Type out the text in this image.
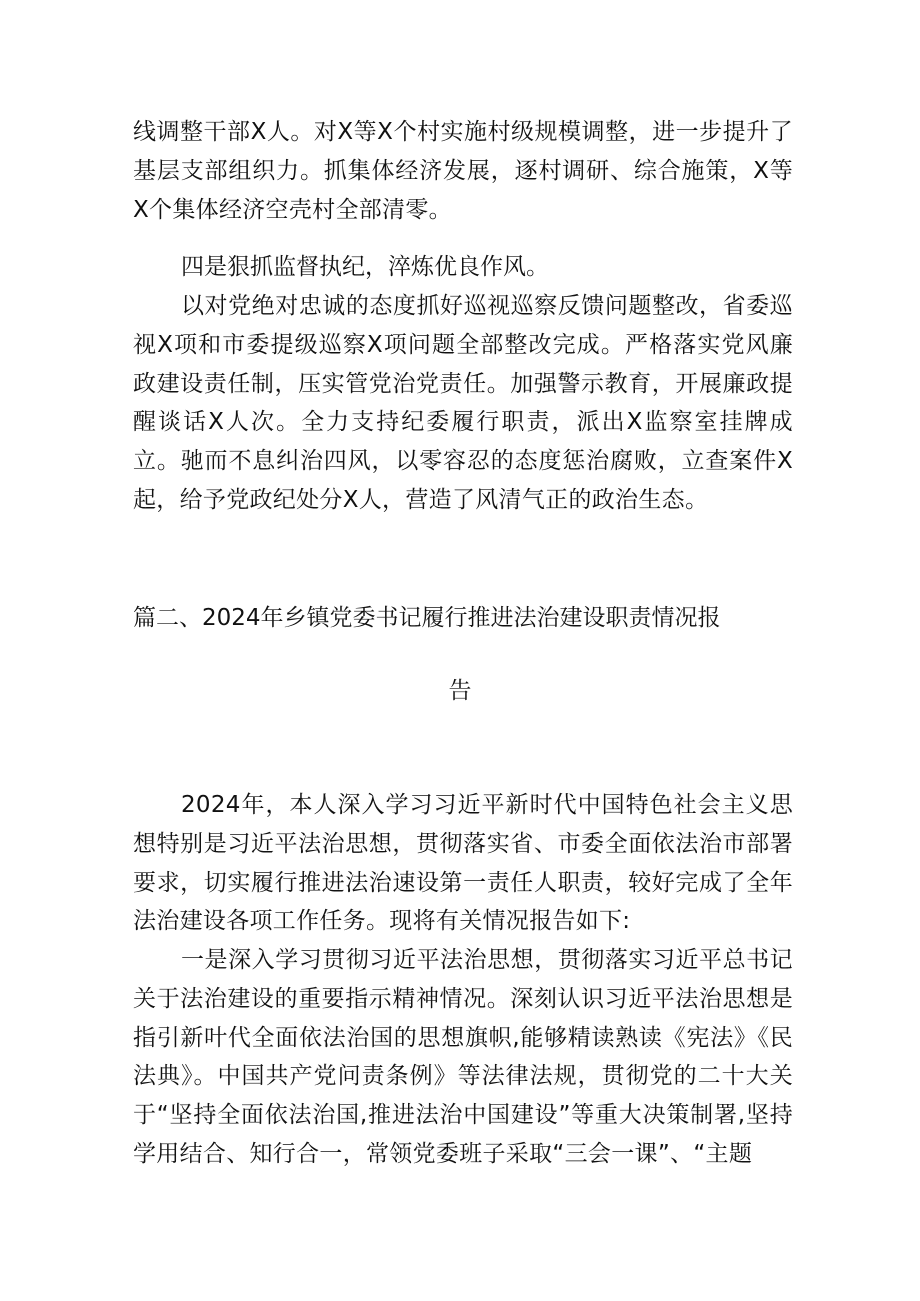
线调整干部X人。对X等X个村实施村级规模调整，进一步提升了基层支部组织力。抓集体经济发展，逐村调研、综合施策，X等X个集体经济空壳村全部清零。

四是狠抓监督执纪，淬炼优良作风。

以对党绝对忠诚的态度抓好巡视巡察反馈问题整改，省委巡视X项和市委提级巡察X项问题全部整改完成。严格落实党风廉政建设责任制，压实管党治党责任。加强警示教育，开展廉政提醒谈话X人次。全力支持纪委履行职责，派出X监察室挂牌成立。驰而不息纠治四风，以零容忍的态度惩治腐败，立查案件X起，给予党政纪处分X人，营造了风清气正的政治生态。

篇二、2024年乡镇党委书记履行推进法治建设职责情况报

告

2024年，本人深入学习习近平新时代中国特色社会主义思想特别是习近平法治思想，贯彻落实省、市委全面依法治市部署要求，切实履行推进法治速设第一责任人职责，较好完成了全年法治建设各项工作任务。现将有关情况报告如下:

一是深入学习贯彻习近平法治思想，贯彻落实习近平总书记关于法治建设的重要指示精神情况。深刻认识习近平法治思想是指引新叶代全面依法治国的思想旗帜,能够精读熟读《宪法》《民法典》。中国共产党问责条例》等法律法规，贯彻党的二十大关于“坚持全面依法治国,推进法治中国建设”等重大决策制署,坚持学用结合、知行合一，常领党委班子采取“三会一课”、“主题
